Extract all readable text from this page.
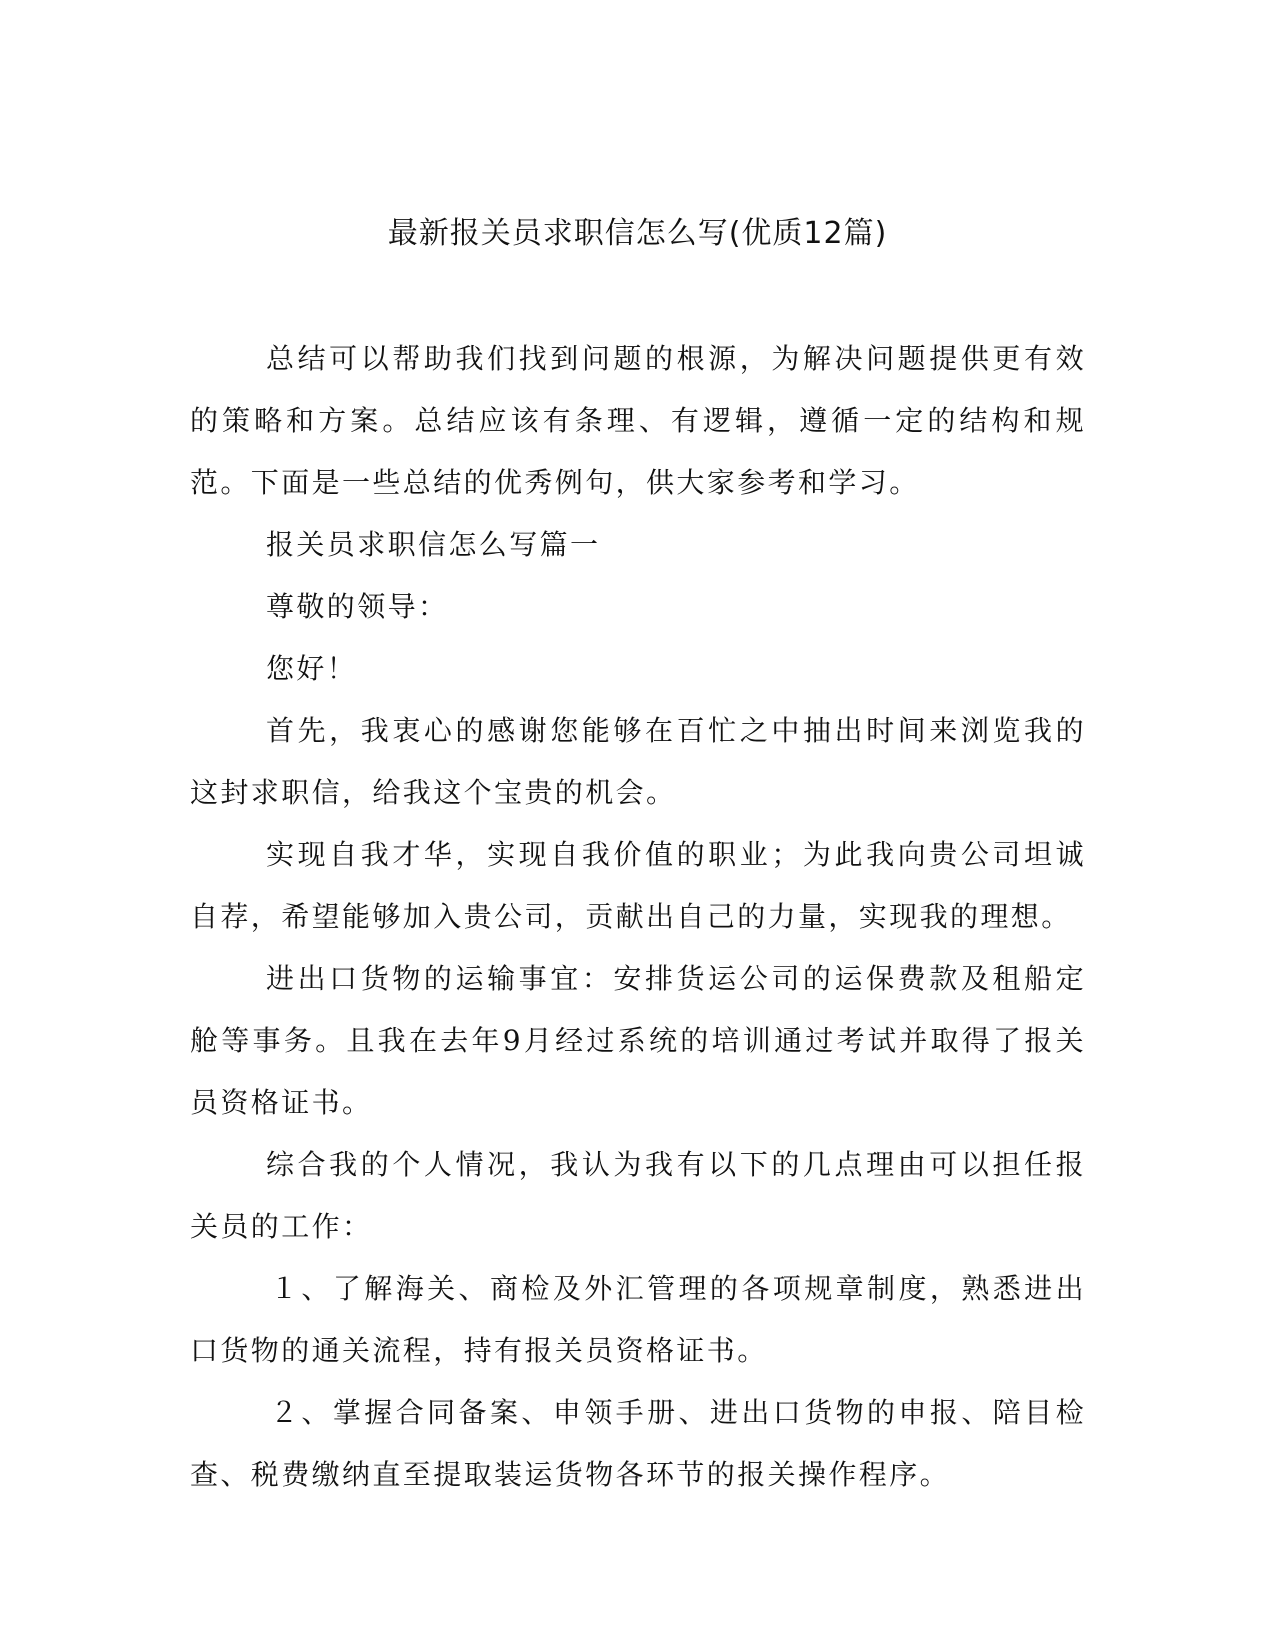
最新报关员求职信怎么写(优质12篇)

总结可以帮助我们找到问题的根源，为解决问题提供更有效的策略和方案。总结应该有条理、有逻辑，遵循一定的结构和规范。下面是一些总结的优秀例句，供大家参考和学习。

报关员求职信怎么写篇一

尊敬的领导：

您好！

首先，我衷心的感谢您能够在百忙之中抽出时间来浏览我的这封求职信，给我这个宝贵的机会。

实现自我才华，实现自我价值的职业；为此我向贵公司坦诚自荐，希望能够加入贵公司，贡献出自己的力量，实现我的理想。

进出口货物的运输事宜：安排货运公司的运保费款及租船定舱等事务。且我在去年9月经过系统的培训通过考试并取得了报关员资格证书。

综合我的个人情况，我认为我有以下的几点理由可以担任报关员的工作：

１、了解海关、商检及外汇管理的各项规章制度，熟悉进出口货物的通关流程，持有报关员资格证书。

２、掌握合同备案、申领手册、进出口货物的申报、陪目检查、税费缴纳直至提取装运货物各环节的报关操作程序。
